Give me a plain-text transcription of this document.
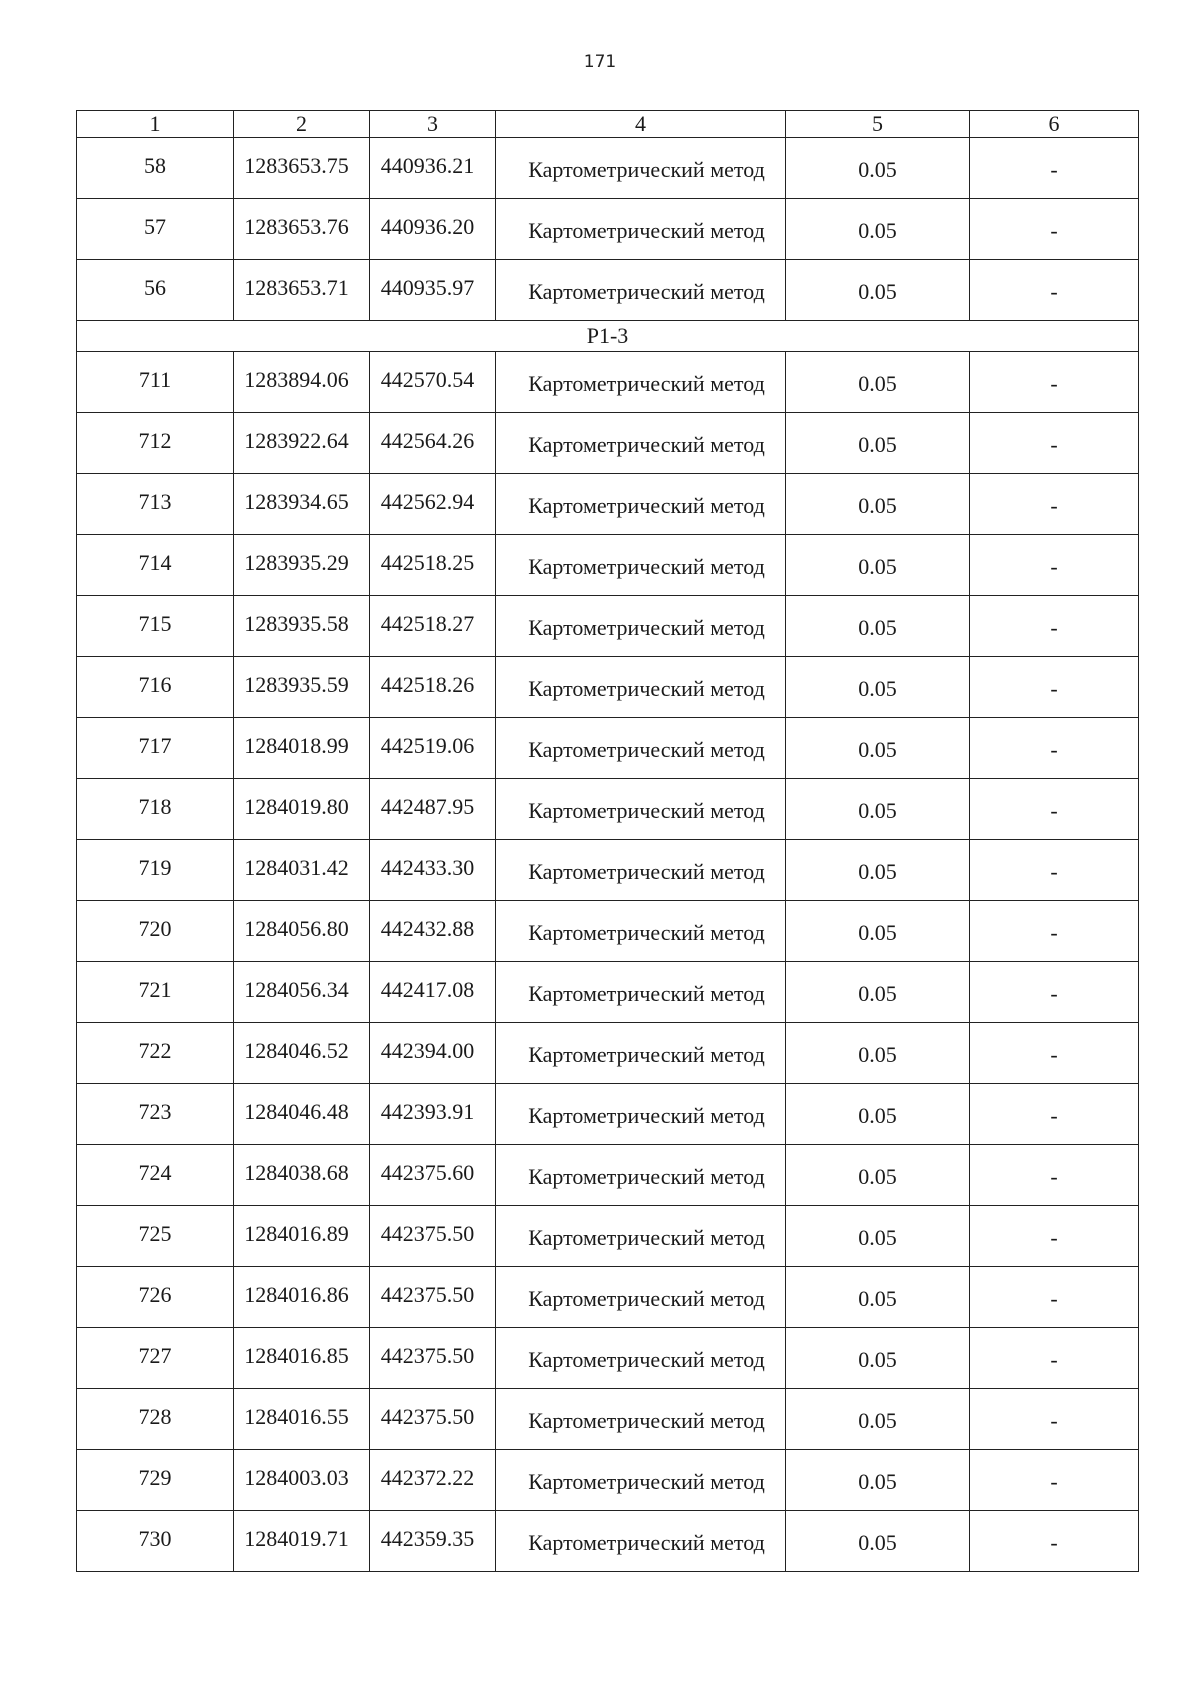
171
1	2	3	4	5	6
58	1283653.75	440936.21	Картометрический метод	0.05	-
57	1283653.76	440936.20	Картометрический метод	0.05	-
56	1283653.71	440935.97	Картометрический метод	0.05	-
Р1-3					
711	1283894.06	442570.54	Картометрический метод	0.05	-
712	1283922.64	442564.26	Картометрический метод	0.05	-
713	1283934.65	442562.94	Картометрический метод	0.05	-
714	1283935.29	442518.25	Картометрический метод	0.05	-
715	1283935.58	442518.27	Картометрический метод	0.05	-
716	1283935.59	442518.26	Картометрический метод	0.05	-
717	1284018.99	442519.06	Картометрический метод	0.05	-
718	1284019.80	442487.95	Картометрический метод	0.05	-
719	1284031.42	442433.30	Картометрический метод	0.05	-
720	1284056.80	442432.88	Картометрический метод	0.05	-
721	1284056.34	442417.08	Картометрический метод	0.05	-
722	1284046.52	442394.00	Картометрический метод	0.05	-
723	1284046.48	442393.91	Картометрический метод	0.05	-
724	1284038.68	442375.60	Картометрический метод	0.05	-
725	1284016.89	442375.50	Картометрический метод	0.05	-
726	1284016.86	442375.50	Картометрический метод	0.05	-
727	1284016.85	442375.50	Картометрический метод	0.05	-
728	1284016.55	442375.50	Картометрический метод	0.05	-
729	1284003.03	442372.22	Картометрический метод	0.05	-
730	1284019.71	442359.35	Картометрический метод	0.05	-
